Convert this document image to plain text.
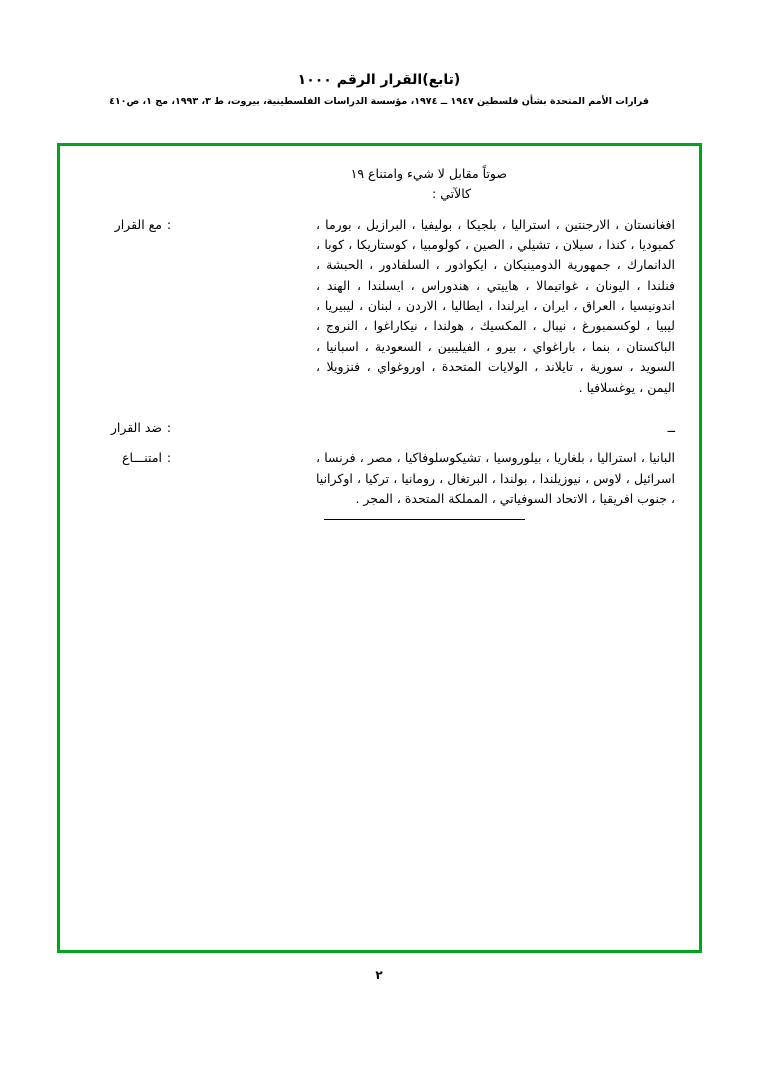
(تابع)القرار الرقم ١٠٠٠
قرارات الأمم المتحدة بشأن فلسطين ١٩٤٧ ــ ١٩٧٤، مؤسسة الدراسات الفلسطينية، بيروت، ط ٣، ١٩٩٣، مج ١، ص٤١٠
صوتاً مقابل لا شيء وامتناع ١٩
كالآتي :
مع القرار :	افغانستان ، الارجنتين ، استراليا ، بلجيكا ، بوليفيا ، البرازيل ، بورما ، كمبوديا ، كندا ، سيلان ، تشيلي ، الصين ، كولومبيا ، كوستاريكا ، كوبا ، الدانمارك ، جمهورية الدومينيكان ، ايكوادور ، السلفادور ، الحبشة ، فنلندا ، اليونان ، غواتيمالا ، هاييتي ، هندوراس ، ايسلندا ، الهند ، اندونيسيا ، العراق ، ايران ، ايرلندا ، ايطاليا ، الاردن ، لبنان ، ليبيريا ، ليبيا ، لوكسمبورغ ، نيبال ، المكسيك ، هولندا ، نيكاراغوا ، النروج ، الباكستان ، بنما ، باراغواي ، بيرو ، الفيليبين ، السعودية ، اسبانيا ، السويد ، سورية ، تايلاند ، الولايات المتحدة ، اوروغواي ، فنزويلا ، اليمن ، يوغسلافيا .
ضد القرار :	ــ
امتنـــاع :	البانيا ، استراليا ، بلغاريا ، بيلوروسيا ، تشيكوسلوفاكيا ، مصر ، فرنسا ، اسرائيل ، لاوس ، نيوزيلندا ، بولندا ، البرتغال ، رومانيا ، تركيا ، اوكرانيا ، جنوب افريقيا ، الاتحاد السوفياتي ، المملكة المتحدة ، المجر .
٢
